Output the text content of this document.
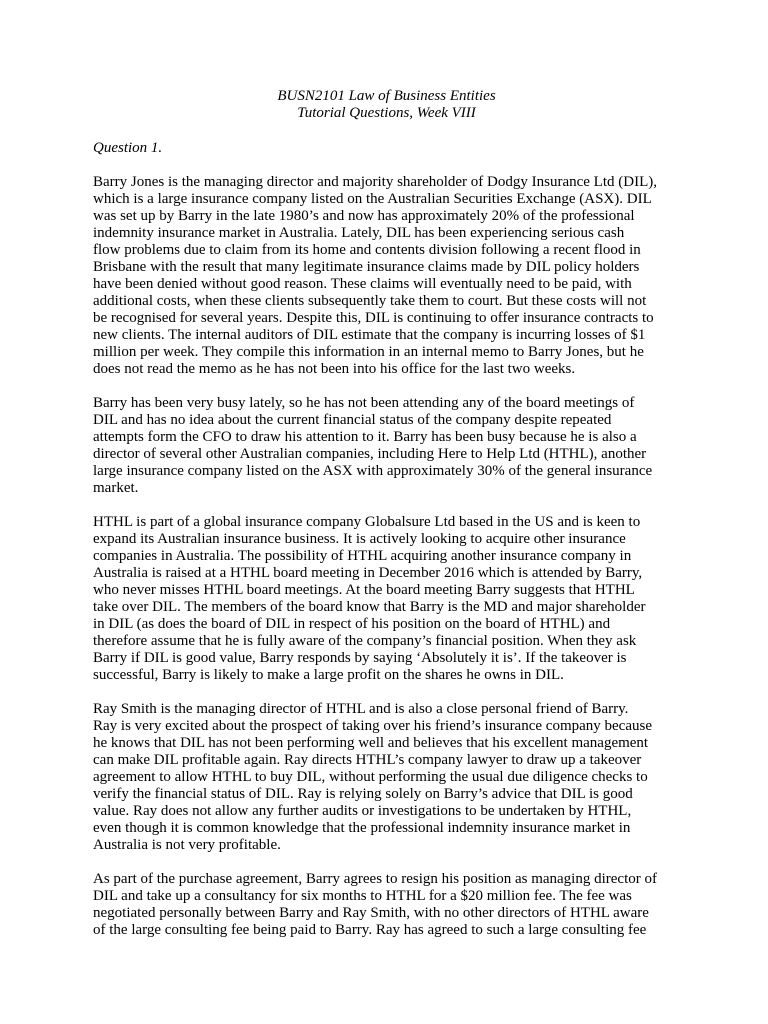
BUSN2101 Law of Business Entities
Tutorial Questions, Week VIII

Question 1.

Barry Jones is the managing director and majority shareholder of Dodgy Insurance Ltd (DIL),
which is a large insurance company listed on the Australian Securities Exchange (ASX). DIL
was set up by Barry in the late 1980’s and now has approximately 20% of the professional
indemnity insurance market in Australia. Lately, DIL has been experiencing serious cash
flow problems due to claim from its home and contents division following a recent flood in
Brisbane with the result that many legitimate insurance claims made by DIL policy holders
have been denied without good reason. These claims will eventually need to be paid, with
additional costs, when these clients subsequently take them to court. But these costs will not
be recognised for several years. Despite this, DIL is continuing to offer insurance contracts to
new clients. The internal auditors of DIL estimate that the company is incurring losses of $1
million per week. They compile this information in an internal memo to Barry Jones, but he
does not read the memo as he has not been into his office for the last two weeks.

Barry has been very busy lately, so he has not been attending any of the board meetings of
DIL and has no idea about the current financial status of the company despite repeated
attempts form the CFO to draw his attention to it. Barry has been busy because he is also a
director of several other Australian companies, including Here to Help Ltd (HTHL), another
large insurance company listed on the ASX with approximately 30% of the general insurance
market.

HTHL is part of a global insurance company Globalsure Ltd based in the US and is keen to
expand its Australian insurance business. It is actively looking to acquire other insurance
companies in Australia. The possibility of HTHL acquiring another insurance company in
Australia is raised at a HTHL board meeting in December 2016 which is attended by Barry,
who never misses HTHL board meetings. At the board meeting Barry suggests that HTHL
take over DIL. The members of the board know that Barry is the MD and major shareholder
in DIL (as does the board of DIL in respect of his position on the board of HTHL) and
therefore assume that he is fully aware of the company’s financial position. When they ask
Barry if DIL is good value, Barry responds by saying ‘Absolutely it is’. If the takeover is
successful, Barry is likely to make a large profit on the shares he owns in DIL.

Ray Smith is the managing director of HTHL and is also a close personal friend of Barry.
Ray is very excited about the prospect of taking over his friend’s insurance company because
he knows that DIL has not been performing well and believes that his excellent management
can make DIL profitable again. Ray directs HTHL’s company lawyer to draw up a takeover
agreement to allow HTHL to buy DIL, without performing the usual due diligence checks to
verify the financial status of DIL. Ray is relying solely on Barry’s advice that DIL is good
value. Ray does not allow any further audits or investigations to be undertaken by HTHL,
even though it is common knowledge that the professional indemnity insurance market in
Australia is not very profitable.

As part of the purchase agreement, Barry agrees to resign his position as managing director of
DIL and take up a consultancy for six months to HTHL for a $20 million fee. The fee was
negotiated personally between Barry and Ray Smith, with no other directors of HTHL aware
of the large consulting fee being paid to Barry. Ray has agreed to such a large consulting fee
